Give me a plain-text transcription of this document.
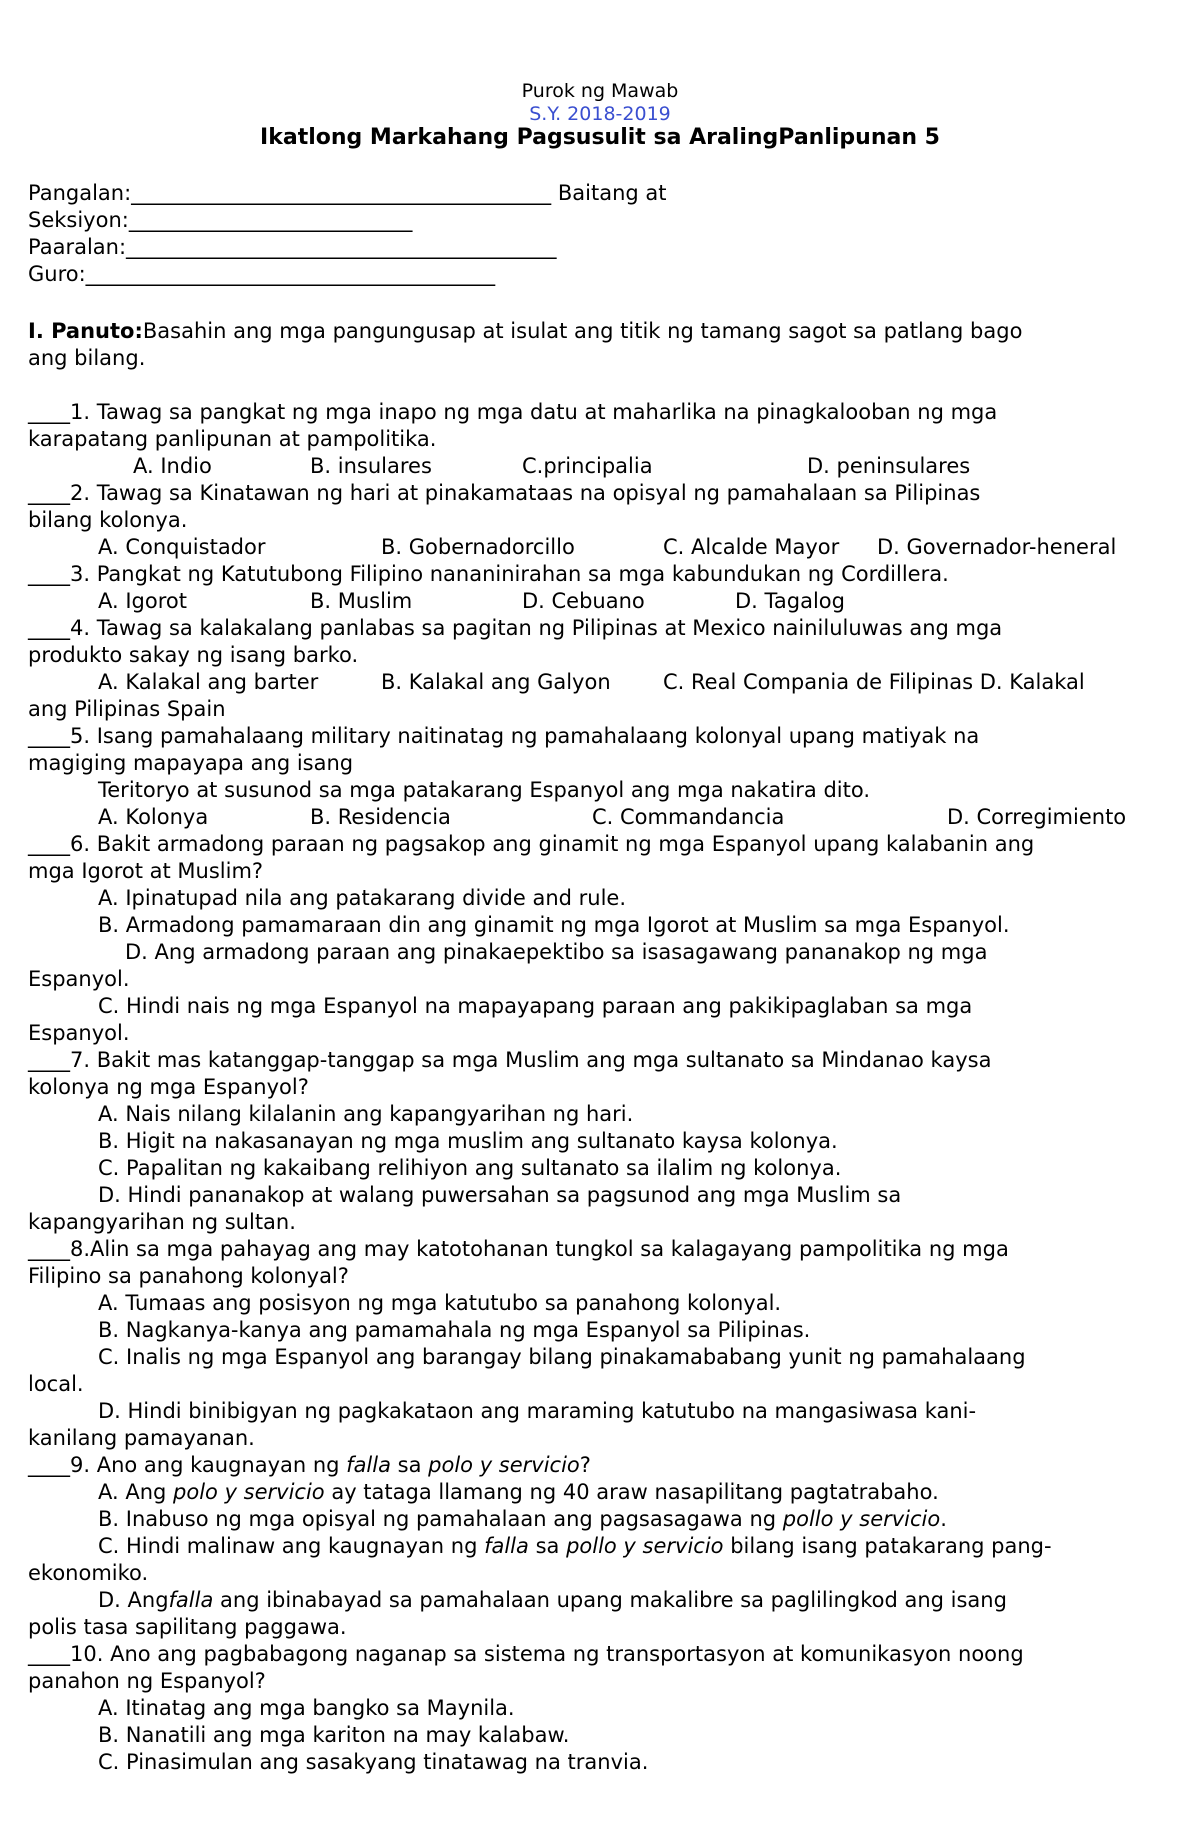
Purok ng Mawab
S.Y. 2018-2019
Ikatlong Markahang Pagsusulit sa AralingPanlipunan 5
Pangalan:________________________________________ Baitang at
Seksiyon:___________________________
Paaralan:_________________________________________
Guro:_______________________________________
I. Panuto:Basahin ang mga pangungusap at isulat ang titik ng tamang sagot sa patlang bago
ang bilang.
____1. Tawag sa pangkat ng mga inapo ng mga datu at maharlika na pinagkalooban ng mga
karapatang panlipunan at pampolitika.
A. Indio	B. insulares	C.principalia	D. peninsulares
____2. Tawag sa Kinatawan ng hari at pinakamataas na opisyal ng pamahalaan sa Pilipinas
bilang kolonya.
A. Conquistador	B. Gobernadorcillo	C. Alcalde Mayor D. Governador-heneral
____3. Pangkat ng Katutubong Filipino nananinirahan sa mga kabundukan ng Cordillera.
A. Igorot	B. Muslim	D. Cebuano	D. Tagalog
____4. Tawag sa kalakalang panlabas sa pagitan ng Pilipinas at Mexico nainiluluwas ang mga
produkto sakay ng isang barko.
A. Kalakal ang barter	B. Kalakal ang Galyon C. Real Compania de Filipinas D. Kalakal
ang Pilipinas Spain
____5. Isang pamahalaang military naitinatag ng pamahalaang kolonyal upang matiyak na
magiging mapayapa ang isang
Teritoryo at susunod sa mga patakarang Espanyol ang mga nakatira dito.
A. Kolonya	B. Residencia	C. Commandancia	D. Corregimiento
____6. Bakit armadong paraan ng pagsakop ang ginamit ng mga Espanyol upang kalabanin ang
mga Igorot at Muslim?
A. Ipinatupad nila ang patakarang divide and rule.
B. Armadong pamamaraan din ang ginamit ng mga Igorot at Muslim sa mga Espanyol.
D. Ang armadong paraan ang pinakaepektibo sa isasagawang pananakop ng mga
Espanyol.
C. Hindi nais ng mga Espanyol na mapayapang paraan ang pakikipaglaban sa mga
Espanyol.
____7. Bakit mas katanggap-tanggap sa mga Muslim ang mga sultanato sa Mindanao kaysa
kolonya ng mga Espanyol?
A. Nais nilang kilalanin ang kapangyarihan ng hari.
B. Higit na nakasanayan ng mga muslim ang sultanato kaysa kolonya.
C. Papalitan ng kakaibang relihiyon ang sultanato sa ilalim ng kolonya.
D. Hindi pananakop at walang puwersahan sa pagsunod ang mga Muslim sa
kapangyarihan ng sultan.
____8.Alin sa mga pahayag ang may katotohanan tungkol sa kalagayang pampolitika ng mga
Filipino sa panahong kolonyal?
A. Tumaas ang posisyon ng mga katutubo sa panahong kolonyal.
B. Nagkanya-kanya ang pamamahala ng mga Espanyol sa Pilipinas.
C. Inalis ng mga Espanyol ang barangay bilang pinakamababang yunit ng pamahalaang
local.
D. Hindi binibigyan ng pagkakataon ang maraming katutubo na mangasiwasa kani-
kanilang pamayanan.
____9. Ano ang kaugnayan ng falla sa polo y servicio?
A. Ang polo y servicio ay tataga llamang ng 40 araw nasapilitang pagtatrabaho.
B. Inabuso ng mga opisyal ng pamahalaan ang pagsasagawa ng pollo y servicio.
C. Hindi malinaw ang kaugnayan ng falla sa pollo y servicio bilang isang patakarang pang-
ekonomiko.
D. Angfalla ang ibinabayad sa pamahalaan upang makalibre sa paglilingkod ang isang
polis tasa sapilitang paggawa.
____10. Ano ang pagbabagong naganap sa sistema ng transportasyon at komunikasyon noong
panahon ng Espanyol?
A. Itinatag ang mga bangko sa Maynila.
B. Nanatili ang mga kariton na may kalabaw.
C. Pinasimulan ang sasakyang tinatawag na tranvia.
